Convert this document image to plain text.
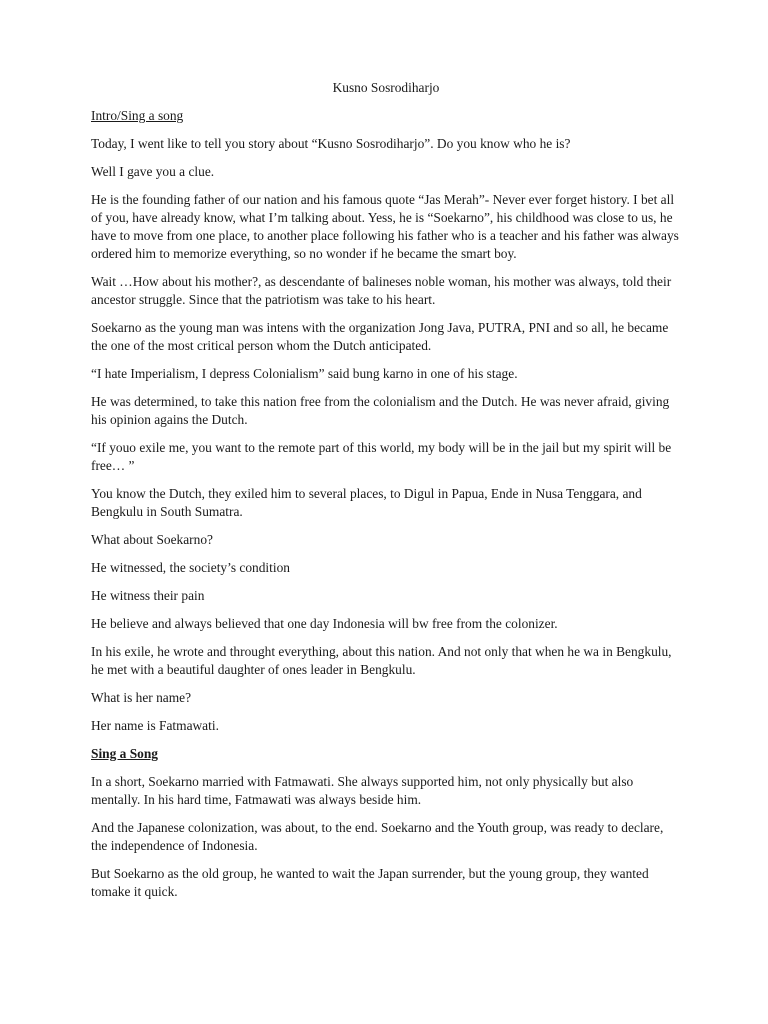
Kusno Sosrodiharjo

Intro/Sing a song

Today, I went like to tell you story about “Kusno Sosrodiharjo”. Do you know who he is?

Well I gave you a clue.

He is the founding father of our nation and his famous quote “Jas Merah”- Never ever forget history. I bet all of you, have already know, what I’m talking about. Yess, he is “Soekarno”, his childhood was close to us, he have to move from one place, to another place following his father who is a teacher and his father was always ordered him to memorize everything, so no wonder if he became the smart boy.

Wait …How about his mother?, as descendante of balineses noble woman, his mother was always, told their ancestor struggle. Since that the patriotism was take to his heart.

Soekarno as the young man was intens with the organization Jong Java, PUTRA, PNI and so all, he became the one of the most critical person whom the Dutch anticipated.

“I hate Imperialism, I depress Colonialism” said bung karno in one of his stage.

He was determined, to take this nation free from the colonialism and the Dutch. He was never afraid, giving his opinion agains the Dutch.

“If youo exile me, you want to the remote part of this world, my body will be in the jail but my spirit will be free… ”

You know the Dutch, they exiled him to several places, to Digul in Papua, Ende in Nusa Tenggara, and Bengkulu in South Sumatra.

What about Soekarno?

He witnessed, the society’s condition

He witness their pain

He believe and always believed that one day Indonesia will bw free from the colonizer.

In his exile, he wrote and throught everything, about this nation. And not only that when he wa in Bengkulu, he met with a beautiful daughter of ones leader in Bengkulu.

What is her name?

Her name is Fatmawati.

Sing a Song

In a short, Soekarno married with Fatmawati. She always supported him, not only physically but also mentally. In his hard time, Fatmawati was always beside him.

And the Japanese colonization, was about, to the end. Soekarno and the Youth group, was ready to declare, the independence of Indonesia.

But Soekarno as the old group, he wanted to wait the Japan surrender, but the young group, they wanted tomake it quick.
